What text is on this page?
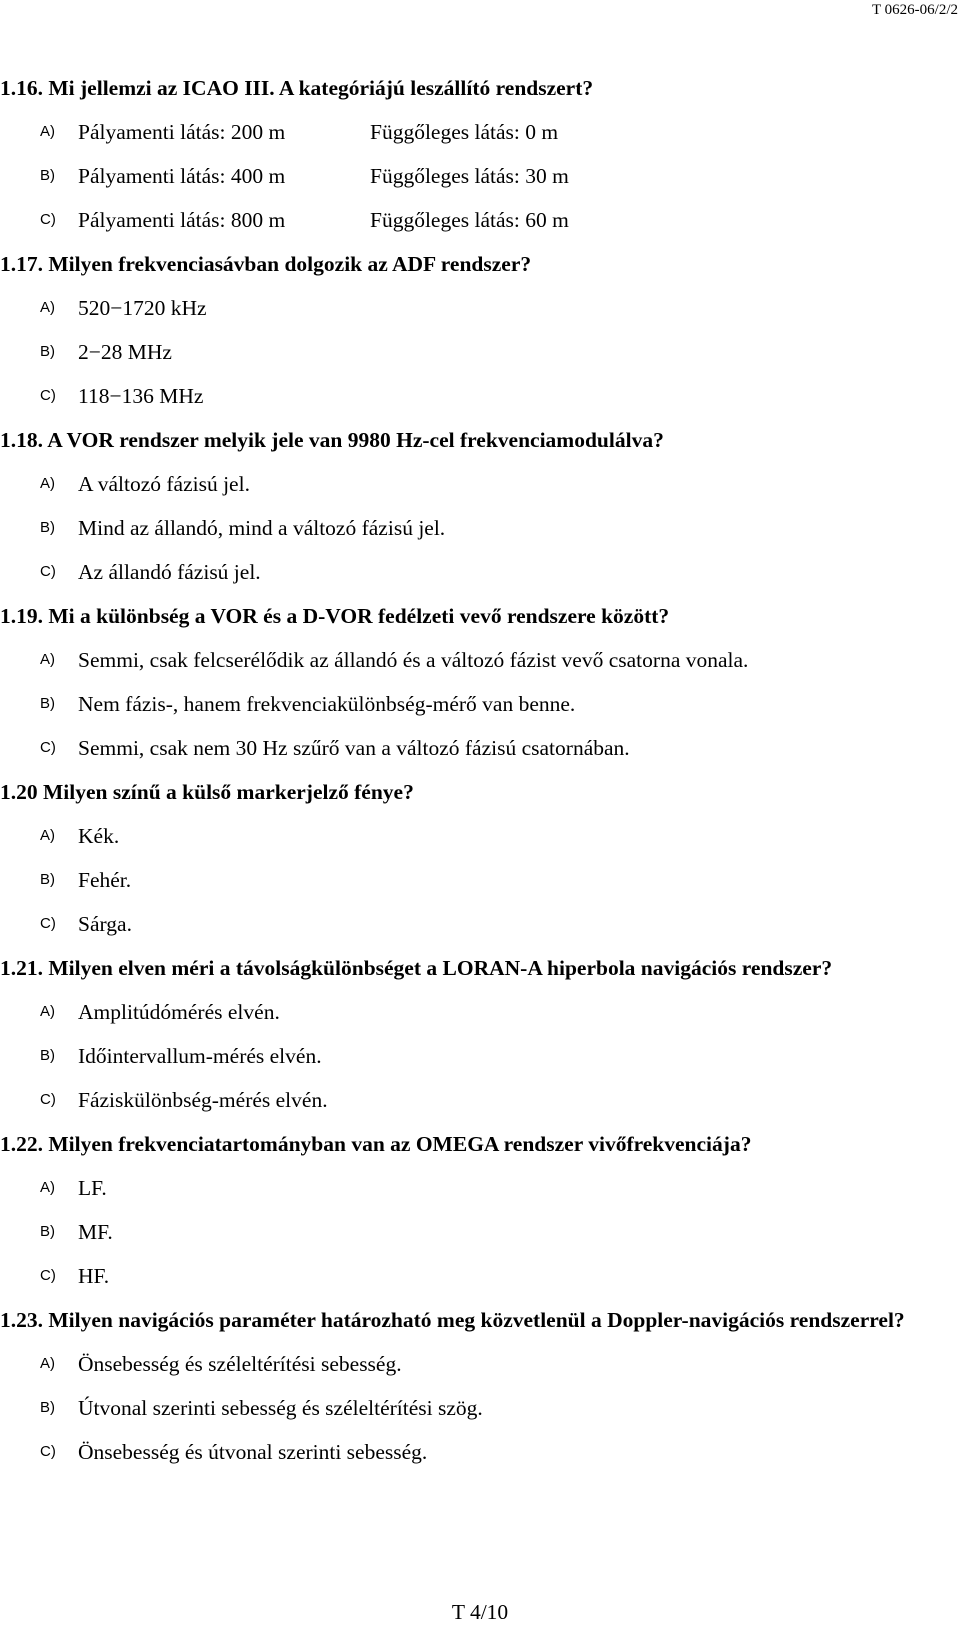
T 0626-06/2/2
1.16. Mi jellemzi az ICAO III. A kategóriájú leszállító rendszert?
A)	Pályamenti látás: 200 m	Függőleges látás: 0 m
B)	Pályamenti látás: 400 m	Függőleges látás: 30 m
C)	Pályamenti látás: 800 m	Függőleges látás: 60 m
1.17. Milyen frekvenciasávban dolgozik az ADF rendszer?
A)	520−1720 kHz
B)	2−28 MHz
C)	118−136 MHz
1.18. A VOR rendszer melyik jele van 9980 Hz-cel frekvenciamodulálva?
A)	A változó fázisú jel.
B)	Mind az állandó, mind a változó fázisú jel.
C)	Az állandó fázisú jel.
1.19. Mi a különbség a VOR és a D-VOR fedélzeti vevő rendszere között?
A)	Semmi, csak felcserélődik az állandó és a változó fázist vevő csatorna vonala.
B)	Nem fázis-, hanem frekvenciakülönbség-mérő van benne.
C)	Semmi, csak nem 30 Hz szűrő van a változó fázisú csatornában.
1.20 Milyen színű a külső markerjelző fénye?
A)	Kék.
B)	Fehér.
C)	Sárga.
1.21. Milyen elven méri a távolságkülönbséget a LORAN-A hiperbola navigációs rendszer?
A)	Amplitúdómérés elvén.
B)	Időintervallum-mérés elvén.
C)	Fáziskülönbség-mérés elvén.
1.22. Milyen frekvenciatartományban van az OMEGA rendszer vivőfrekvenciája?
A)	LF.
B)	MF.
C)	HF.
1.23. Milyen navigációs paraméter határozható meg közvetlenül a Doppler-navigációs rendszerrel?
A)	Önsebesség és széleltérítési sebesség.
B)	Útvonal szerinti sebesség és széleltérítési szög.
C)	Önsebesség és útvonal szerinti sebesség.
T 4/10
